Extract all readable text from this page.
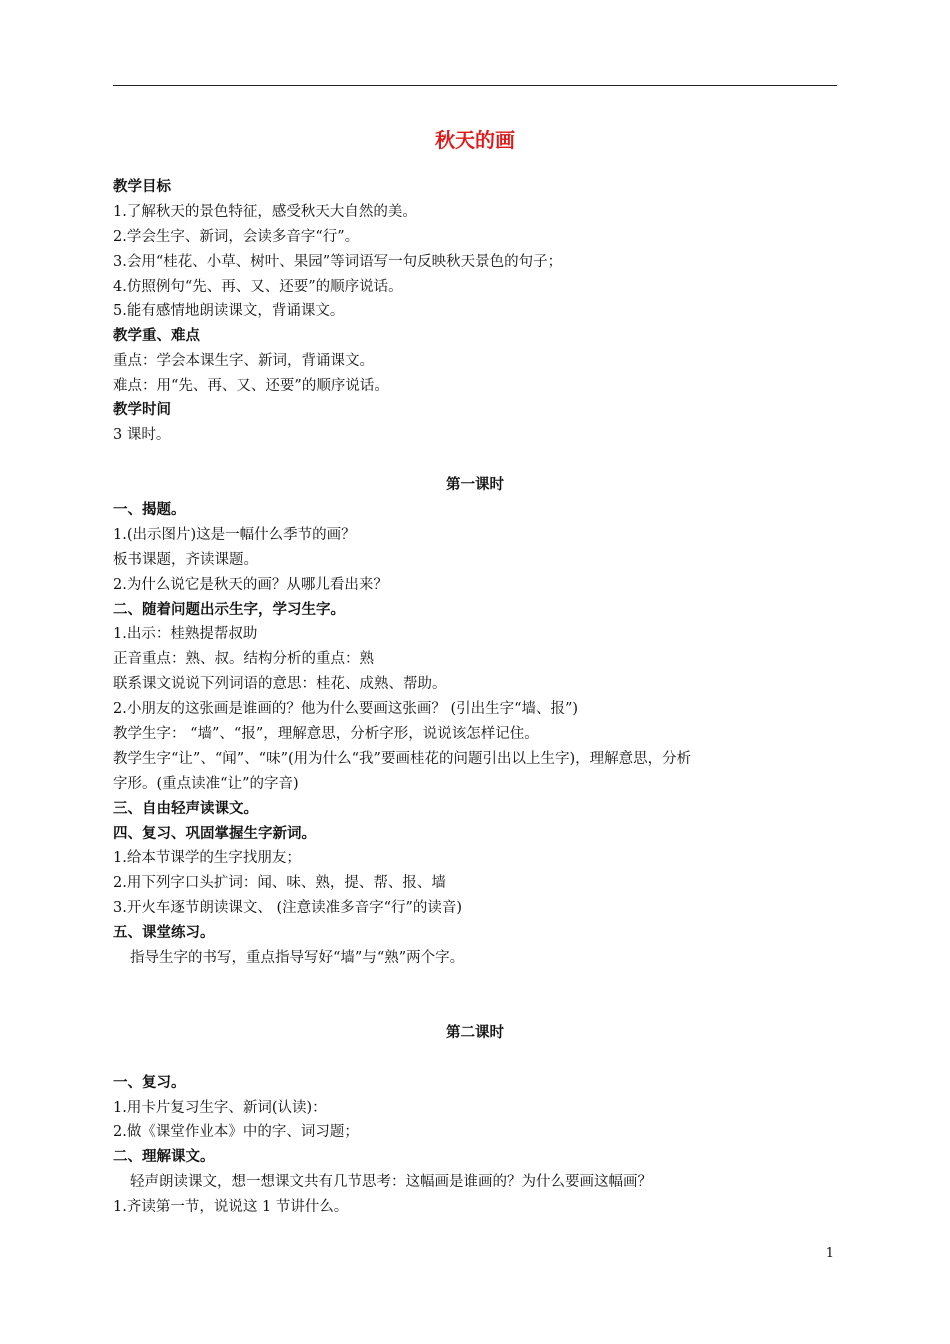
秋天的画
教学目标
1.了解秋天的景色特征，感受秋天大自然的美。
2.学会生字、新词，会读多音字“行”。
3.会用“桂花、小草、树叶、果园”等词语写一句反映秋天景色的句子；
4.仿照例句“先、再、又、还要”的顺序说话。
5.能有感情地朗读课文，背诵课文。
教学重、难点
重点：学会本课生字、新词，背诵课文。
难点：用“先、再、又、还要”的顺序说话。
教学时间
3 课时。
第一课时
一、揭题。
1.(出示图片)这是一幅什么季节的画？
板书课题，齐读课题。
2.为什么说它是秋天的画？从哪儿看出来？
二、随着问题出示生字，学习生字。
1.出示：桂熟提帮叔助
正音重点：熟、叔。结构分析的重点：熟
联系课文说说下列词语的意思：桂花、成熟、帮助。
2.小朋友的这张画是谁画的？他为什么要画这张画？ (引出生字“墙、报”)
教学生字： “墙”、“报”，理解意思，分析字形，说说该怎样记住。
教学生字“让”、“闻”、“味”(用为什么“我”要画桂花的问题引出以上生字)，理解意思，分析
字形。(重点读准“让”的字音)
三、自由轻声读课文。
四、复习、巩固掌握生字新词。
1.给本节课学的生字找朋友；
2.用下列字口头扩词：闻、味、熟，提、帮、报、墙
3.开火车逐节朗读课文、 (注意读准多音字“行”的读音)
五、课堂练习。
指导生字的书写，重点指导写好“墙”与“熟”两个字。
第二课时
一、复习。
1.用卡片复习生字、新词(认读)：
2.做《课堂作业本》中的字、词习题；
二、理解课文。
轻声朗读课文，想一想课文共有几节思考：这幅画是谁画的？为什么要画这幅画？
1.齐读第一节，说说这 1 节讲什么。
1
